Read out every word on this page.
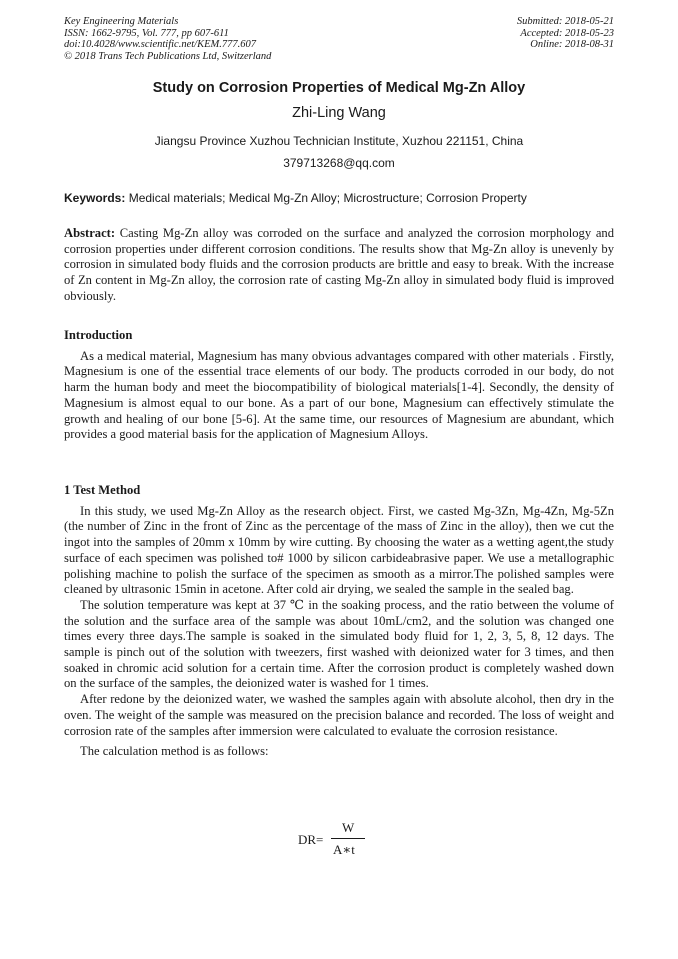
Key Engineering Materials
ISSN: 1662-9795, Vol. 777, pp 607-611
doi:10.4028/www.scientific.net/KEM.777.607
© 2018 Trans Tech Publications Ltd, Switzerland
Submitted: 2018-05-21
Accepted: 2018-05-23
Online: 2018-08-31
Study on Corrosion Properties of Medical Mg-Zn Alloy
Zhi-Ling Wang
Jiangsu Province Xuzhou Technician Institute, Xuzhou 221151, China
379713268@qq.com
Keywords: Medical materials; Medical Mg-Zn Alloy; Microstructure; Corrosion Property

Abstract: Casting Mg-Zn alloy was corroded on the surface and analyzed the corrosion morphology and corrosion properties under different corrosion conditions. The results show that Mg-Zn alloy is unevenly by corrosion in simulated body fluids and the corrosion products are brittle and easy to break. With the increase of Zn content in Mg-Zn alloy, the corrosion rate of casting Mg-Zn alloy in simulated body fluid is improved obviously.

Introduction

As a medical material, Magnesium has many obvious advantages compared with other materials . Firstly, Magnesium is one of the essential trace elements of our body. The products corroded in our body, do not harm the human body and meet the biocompatibility of biological materials[1-4]. Secondly, the density of Magnesium is almost equal to our bone. As a part of our bone, Magnesium can effectively stimulate the growth and healing of our bone [5-6]. At the same time, our resources of Magnesium are abundant, which provides a good material basis for the application of Magnesium Alloys.

1 Test Method

In this study, we used Mg-Zn Alloy as the research object. First, we casted Mg-3Zn, Mg-4Zn, Mg-5Zn (the number of Zinc in the front of Zinc as the percentage of the mass of Zinc in the alloy), then we cut the ingot into the samples of 20mm x 10mm by wire cutting. By choosing the water as a wetting agent,the study surface of each specimen was polished to# 1000 by silicon carbideabrasive paper. We use a metallographic polishing machine to polish the surface of the specimen as smooth as a mirror.The polished samples were cleaned by ultrasonic 15min in acetone. After cold air drying, we sealed the sample in the sealed bag.

The solution temperature was kept at 37 ℃ in the soaking process, and the ratio between the volume of the solution and the surface area of the sample was about 10mL/cm2, and the solution was changed one times every three days.The sample is soaked in the simulated body fluid for 1, 2, 3, 5, 8, 12 days. The sample is pinch out of the solution with tweezers, first washed with deionized water for 3 times, and then soaked in chromic acid solution for a certain time. After the corrosion product is completely washed down on the surface of the samples, the deionized water is washed for 1 times.

After redone by the deionized water, we washed the samples again with absolute alcohol, then dry in the oven. The weight of the sample was measured on the precision balance and recorded. The loss of weight and corrosion rate of the samples after immersion were calculated to evaluate the corrosion resistance.

The calculation method is as follows:

DR=
W
A∗t
